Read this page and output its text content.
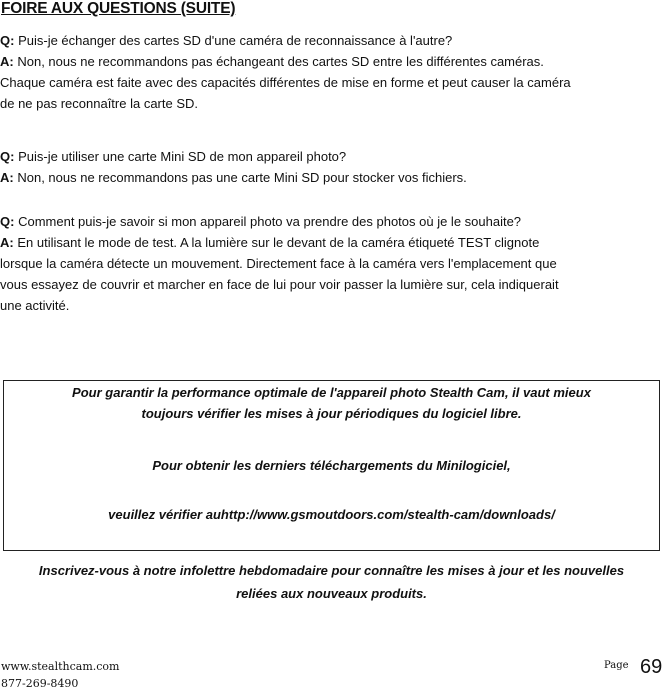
FOIRE AUX QUESTIONS (SUITE)

Q: Puis-je échanger des cartes SD d'une caméra de reconnaissance à l'autre?

A: Non, nous ne recommandons pas échangeant des cartes SD entre les différentes caméras.

Chaque caméra est faite avec des capacités différentes de mise en forme et peut causer la caméra

de ne pas reconnaître la carte SD.

Q: Puis-je utiliser une carte Mini SD de mon appareil photo?

A: Non, nous ne recommandons pas une carte Mini SD pour stocker vos fichiers.

Q: Comment puis-je savoir si mon appareil photo va prendre des photos où je le souhaite?

A: En utilisant le mode de test. A la lumière sur le devant de la caméra étiqueté TEST clignote

lorsque la caméra détecte un mouvement. Directement face à la caméra vers l'emplacement que

vous essayez de couvrir et marcher en face de lui pour voir passer la lumière sur, cela indiquerait

une activité.

Pour garantir la performance optimale de l'appareil photo Stealth Cam, il vaut mieux
toujours vérifier les mises à jour périodiques du logiciel libre.
Pour obtenir les derniers téléchargements du Minilogiciel,
veuillez vérifier auhttp://www.gsmoutdoors.com/stealth-cam/downloads/
Inscrivez-vous à notre infolettre hebdomadaire pour connaître les mises à jour et les nouvelles
reliées aux nouveaux produits.
www.stealthcam.com
877-269-8490
Page 69
